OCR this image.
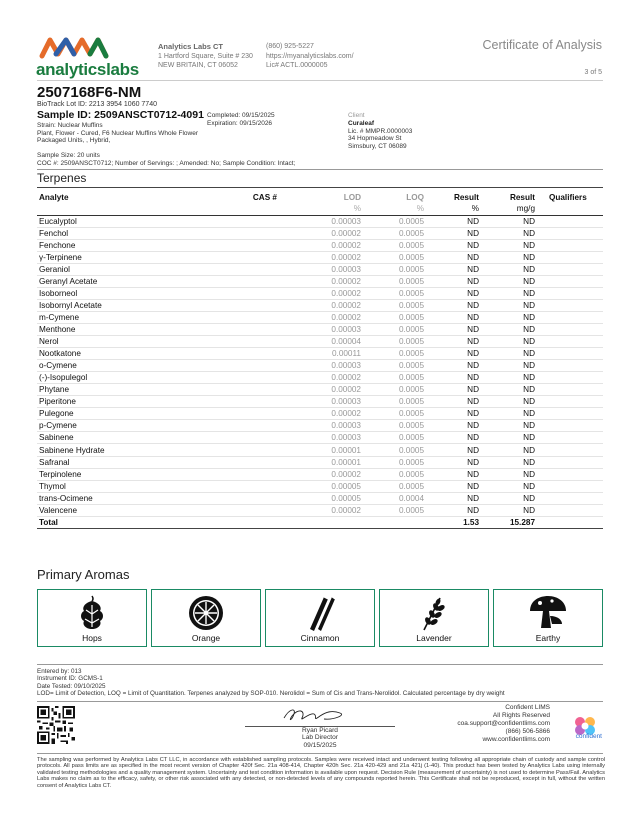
analyticslabs
Analytics Labs CT
1 Hartford Square, Suite # 230
NEW BRITAIN, CT 06052
(860) 925-5227
https://myanalyticslabs.com/
Lic# ACTL.0000005
Certificate of Analysis
3 of 5
2507168F6-NM
BioTrack Lot ID: 2213 3954 1060 7740
Sample ID: 2509ANSCT0712-4091
Strain: Nuclear Muffins
Plant, Flower - Cured, F6 Nuclear Muffins Whole Flower Packaged Units, , Hybrid,
Completed: 09/15/2025
Expiration: 09/15/2026
Client
Curaleaf
Lic. # MMPR.0000003
34 Hopmeadow St
Simsbury, CT 06089
Sample Size: 20 units
COC #: 2509ANSCT0712; Number of Servings: ; Amended: No; Sample Condition: Intact;
Terpenes
Analyte	CAS #	LOD	LOQ	Result	Result	Qualifiers
		%	%	%	mg/g	
Eucalyptol		0.00003	0.0005	ND	ND	
Fenchol		0.00002	0.0005	ND	ND	
Fenchone		0.00002	0.0005	ND	ND	
γ-Terpinene		0.00002	0.0005	ND	ND	
Geraniol		0.00003	0.0005	ND	ND	
Geranyl Acetate		0.00002	0.0005	ND	ND	
Isoborneol		0.00002	0.0005	ND	ND	
Isobornyl Acetate		0.00002	0.0005	ND	ND	
m-Cymene		0.00002	0.0005	ND	ND	
Menthone		0.00003	0.0005	ND	ND	
Nerol		0.00004	0.0005	ND	ND	
Nootkatone		0.00011	0.0005	ND	ND	
o-Cymene		0.00003	0.0005	ND	ND	
(-)-Isopulegol		0.00002	0.0005	ND	ND	
Phytane		0.00002	0.0005	ND	ND	
Piperitone		0.00003	0.0005	ND	ND	
Pulegone		0.00002	0.0005	ND	ND	
p-Cymene		0.00003	0.0005	ND	ND	
Sabinene		0.00003	0.0005	ND	ND	
Sabinene Hydrate		0.00001	0.0005	ND	ND	
Safranal		0.00001	0.0005	ND	ND	
Terpinolene		0.00002	0.0005	ND	ND	
Thymol		0.00005	0.0005	ND	ND	
trans-Ocimene		0.00005	0.0004	ND	ND	
Valencene		0.00002	0.0005	ND	ND	
Total				1.53	15.287	
Primary Aromas
Hops	Orange	Cinnamon	Lavender	Earthy
Entered by: 013
Instrument ID: GCMS-1
Date Tested: 09/10/2025
LOD= Limit of Detection, LOQ = Limit of Quantitation. Terpenes analyzed by SOP-010. Nerolidol = Sum of Cis and Trans-Nerolidol. Calculated percentage by dry weight
Ryan Picard
Lab Director
09/15/2025
Confident LIMS
All Rights Reserved
coa.support@confidentlims.com
(866) 506-5866
www.confidentlims.com	confident
The sampling was performed by Analytics Labs CT LLC, in accordance with established sampling protocols. Samples were received intact and underwent testing following all appropriate chain of custody and sample control protocols. All pass limits are as specified in the most recent version of Chapter 420f Sec. 21a 408-414, Chapter 420h Sec. 21a 420-429 and 21a 421j (1-40). This product has been tested by Analytics Labs using internally validated testing methodologies and a quality management system. Uncertainty and test condition information is available upon request. Decision Rule (measurement of uncertainty) is not used to determine Pass/Fail. Analytics Labs makes no claim as to the efficacy, safety, or other risk associated with any detected, or non-detected levels of any compounds reported herein. This Certificate shall not be reproduced, except in full, without the written consent of Analytics Labs CT.
